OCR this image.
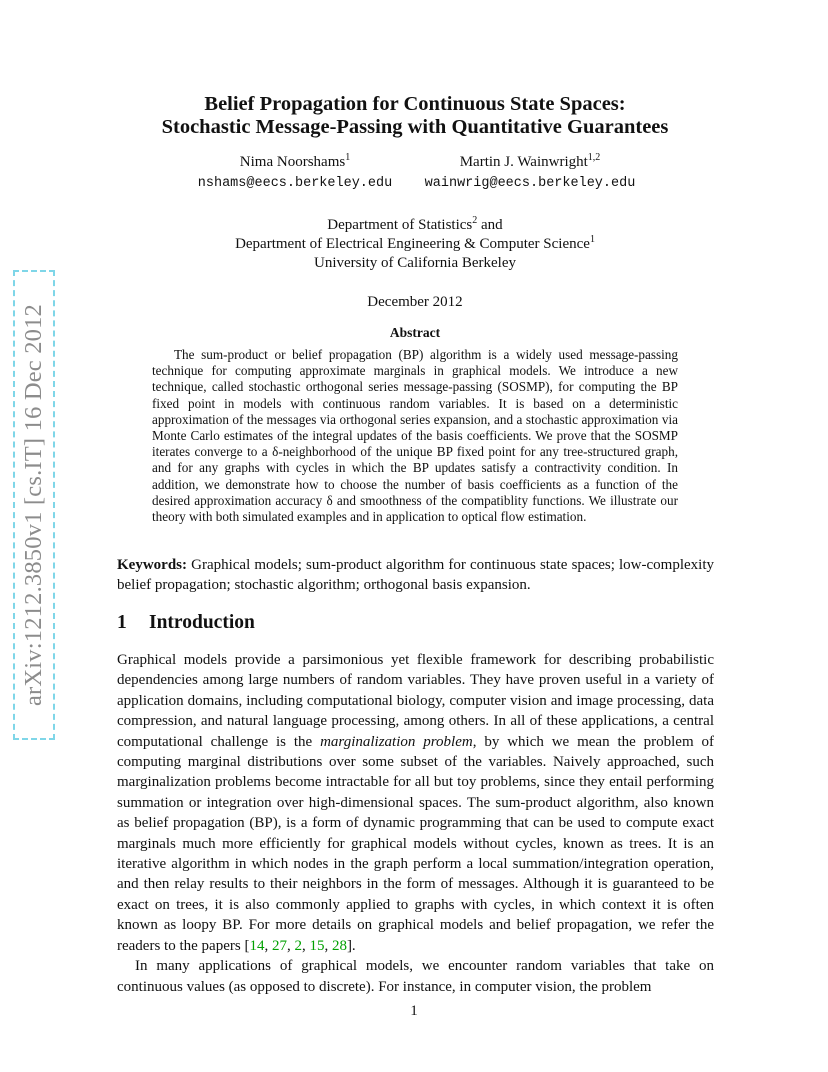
arXiv:1212.3850v1 [cs.IT] 16 Dec 2012
Belief Propagation for Continuous State Spaces:
Stochastic Message-Passing with Quantitative Guarantees
Nima Noorshams$^1$
nshams@eecs.berkeley.edu
Martin J. Wainwright$^{1,2}$
wainwrig@eecs.berkeley.edu
Department of Statistics$^2$ and
Department of Electrical Engineering & Computer Science$^1$
University of California Berkeley
December 2012
Abstract
The sum-product or belief propagation (BP) algorithm is a widely used message-passing technique for computing approximate marginals in graphical models. We introduce a new technique, called stochastic orthogonal series message-passing (SOSMP), for computing the BP fixed point in models with continuous random variables. It is based on a deterministic approximation of the messages via orthogonal series expansion, and a stochastic approximation via Monte Carlo estimates of the integral updates of the basis coefficients. We prove that the SOSMP iterates converge to a δ-neighborhood of the unique BP fixed point for any tree-structured graph, and for any graphs with cycles in which the BP updates satisfy a contractivity condition. In addition, we demonstrate how to choose the number of basis coefficients as a function of the desired approximation accuracy δ and smoothness of the compatiblity functions. We illustrate our theory with both simulated examples and in application to optical flow estimation.
Keywords: Graphical models; sum-product algorithm for continuous state spaces; low-complexity belief propagation; stochastic algorithm; orthogonal basis expansion.
1 Introduction

Graphical models provide a parsimonious yet flexible framework for describing probabilistic dependencies among large numbers of random variables. They have proven useful in a variety of application domains, including computational biology, computer vision and image processing, data compression, and natural language processing, among others. In all of these applications, a central computational challenge is the marginalization problem, by which we mean the problem of computing marginal distributions over some subset of the variables. Naively approached, such marginalization problems become intractable for all but toy problems, since they entail performing summation or integration over high-dimensional spaces. The sum-product algorithm, also known as belief propagation (BP), is a form of dynamic programming that can be used to compute exact marginals much more efficiently for graphical models without cycles, known as trees. It is an iterative algorithm in which nodes in the graph perform a local summation/integration operation, and then relay results to their neighbors in the form of messages. Although it is guaranteed to be exact on trees, it is also commonly applied to graphs with cycles, in which context it is often known as loopy BP. For more details on graphical models and belief propagation, we refer the readers to the papers [14, 27, 2, 15, 28].

In many applications of graphical models, we encounter random variables that take on continuous values (as opposed to discrete). For instance, in computer vision, the problem

1
